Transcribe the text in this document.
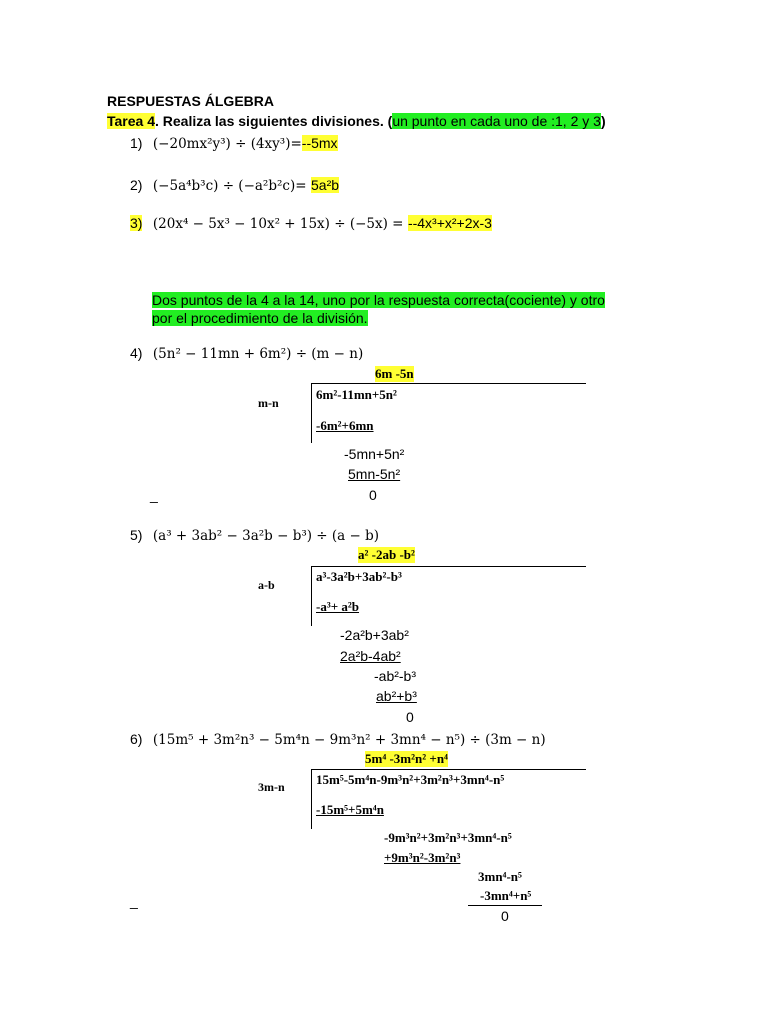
RESPUESTAS ÁLGEBRA
Tarea 4. Realiza las siguientes divisiones. (un punto en cada uno de :1, 2 y 3)
1) (−20mx²y³) ÷ (4xy³)=--5mx
2) (−5a⁴b³c) ÷ (−a²b²c)= 5a²b
3) (20x⁴ − 5x³ − 10x² + 15x) ÷ (−5x) = --4x³+x²+2x-3
Dos puntos de la 4 a la 14, uno por la respuesta correcta(cociente) y otro
por el procedimiento de la división.
4) (5n² − 11mn + 6m²) ÷ (m − n)
6m -5n
m-n
6m²-11mn+5n²
-6m²+6mn
-5mn+5n²
5mn-5n²
0
_
5) (a³ + 3ab² − 3a²b − b³) ÷ (a − b)
a² -2ab -b²
a-b
a³-3a²b+3ab²-b³
-a³+ a²b
-2a²b+3ab²
2a²b-4ab²
-ab²-b³
ab²+b³
0
6) (15m⁵ + 3m²n³ − 5m⁴n − 9m³n² + 3mn⁴ − n⁵) ÷ (3m − n)
5m⁴ -3m²n² +n⁴
3m-n 15m⁵-5m⁴n-9m³n²+3m²n³+3mn⁴-n⁵
-15m⁵+5m⁴n
-9m³n²+3m²n³+3mn⁴-n⁵
+9m³n²-3m²n³
3mn⁴-n⁵
-3mn⁴+n⁵
0
_
